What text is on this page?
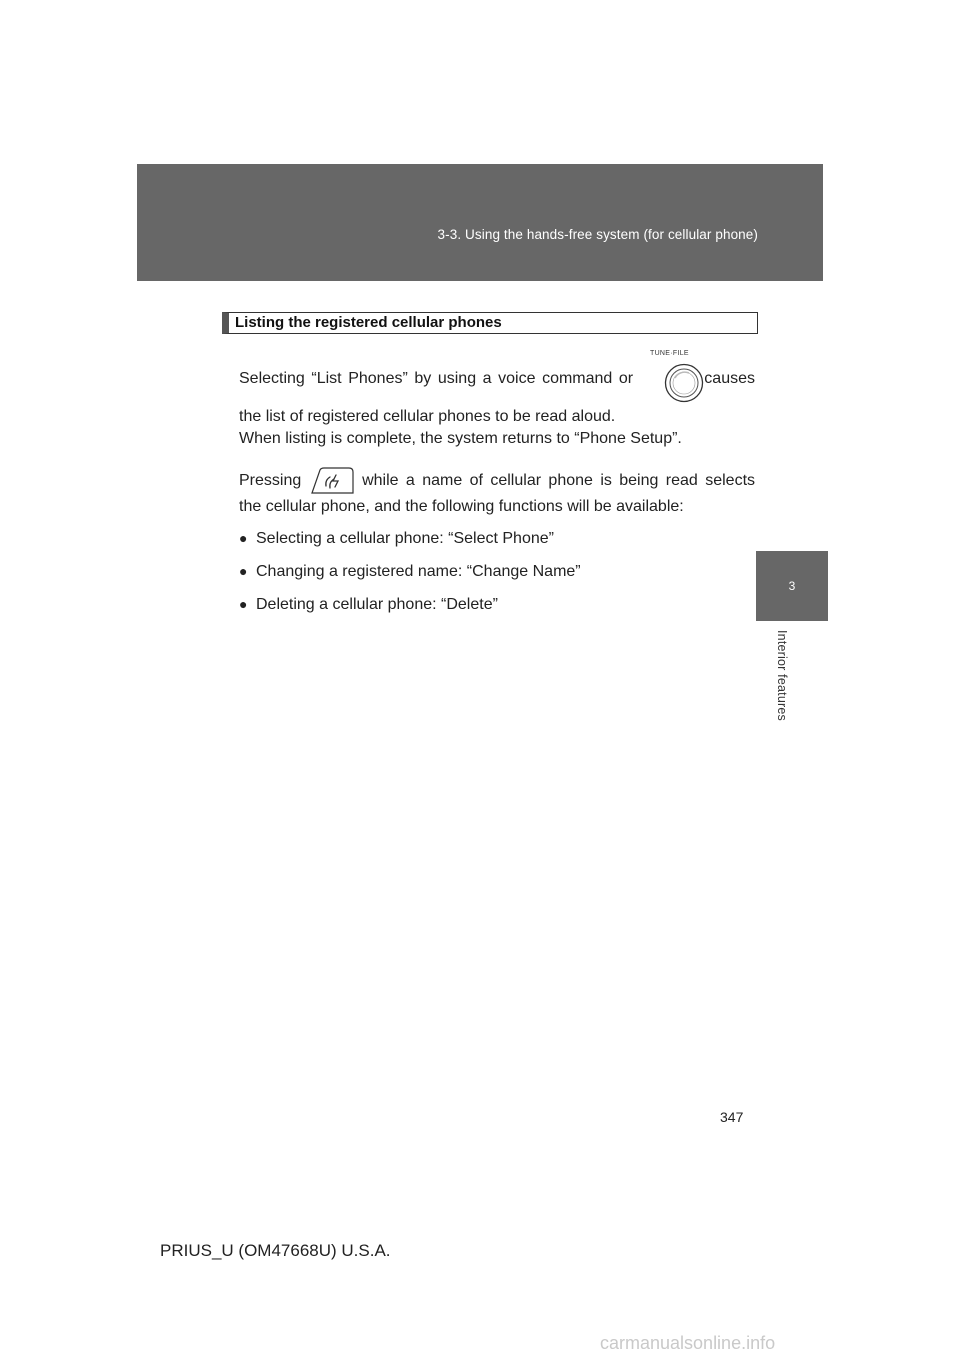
3-3. Using the hands-free system (for cellular phone)
3
Interior features
Listing the registered cellular phones
TUNE·FILE
Selecting “List Phones” by using a voice command or	causes
the list of registered cellular phones to be read aloud.
When listing is complete, the system returns to “Phone Setup”.
Pressing	while a name of cellular phone is being read selects
the cellular phone, and the following functions will be available:
● Selecting a cellular phone: “Select Phone”
● Changing a registered name: “Change Name”
● Deleting a cellular phone: “Delete”
347
PRIUS_U (OM47668U) U.S.A.
carmanualsonline.info
